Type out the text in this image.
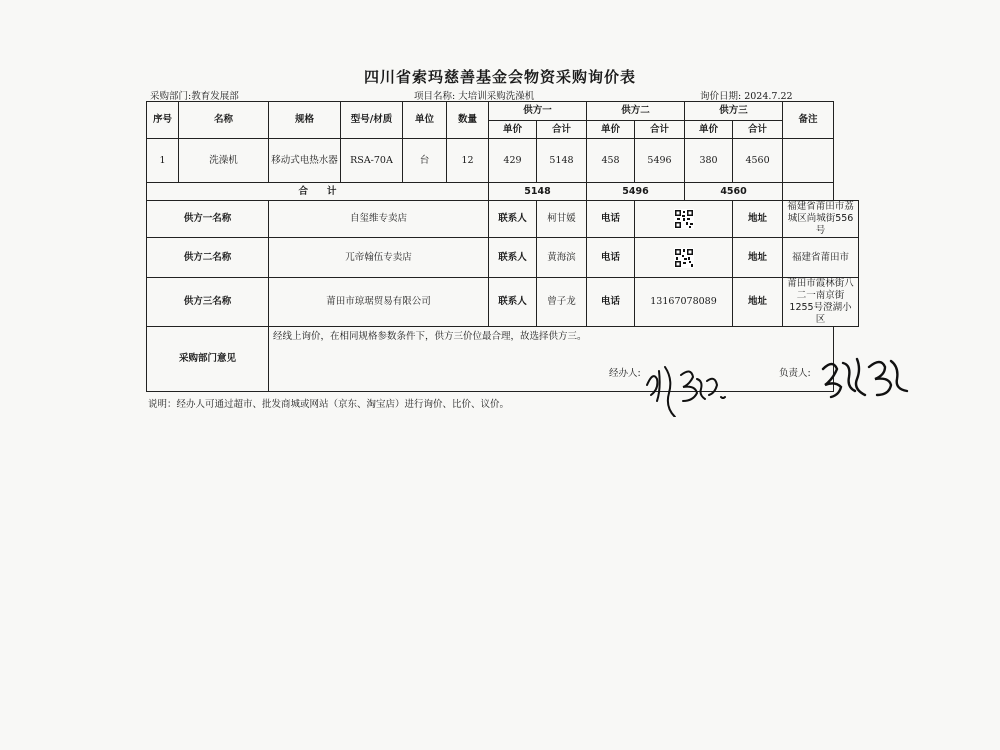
四川省索玛慈善基金会物资采购询价表
采购部门:教育发展部	项目名称: 大培训采购洗澡机	询价日期: 2024.7.22
序号	名称	规格	型号/材质	单位	数量	供方一		供方二		供方三		备注
						单价	合计	单价	合计	单价	合计	
1	洗澡机	移动式电热水器	RSA-70A	台	12	429	5148	458	5496	380	4560	
合　　计						5148		5496		4560		
供方一名称		自玺维专卖店				联系人	柯甘媛	电话			地址	福建省莆田市荔城区尚城街556号
供方二名称		兀帝翰伍专卖店				联系人	黄海滨	电话			地址	福建省莆田市
供方三名称		莆田市琼琚贸易有限公司				联系人	曾子龙	电话	13167078089		地址	莆田市霞林街八二一南京街1255号澄湖小区
采购部门意见		经线上询价，在相同规格参数条件下，供方三价位最合理，故选择供方三。
经办人: 负责人:										
说明：经办人可通过超市、批发商城或网站（京东、淘宝店）进行询价、比价、议价。
